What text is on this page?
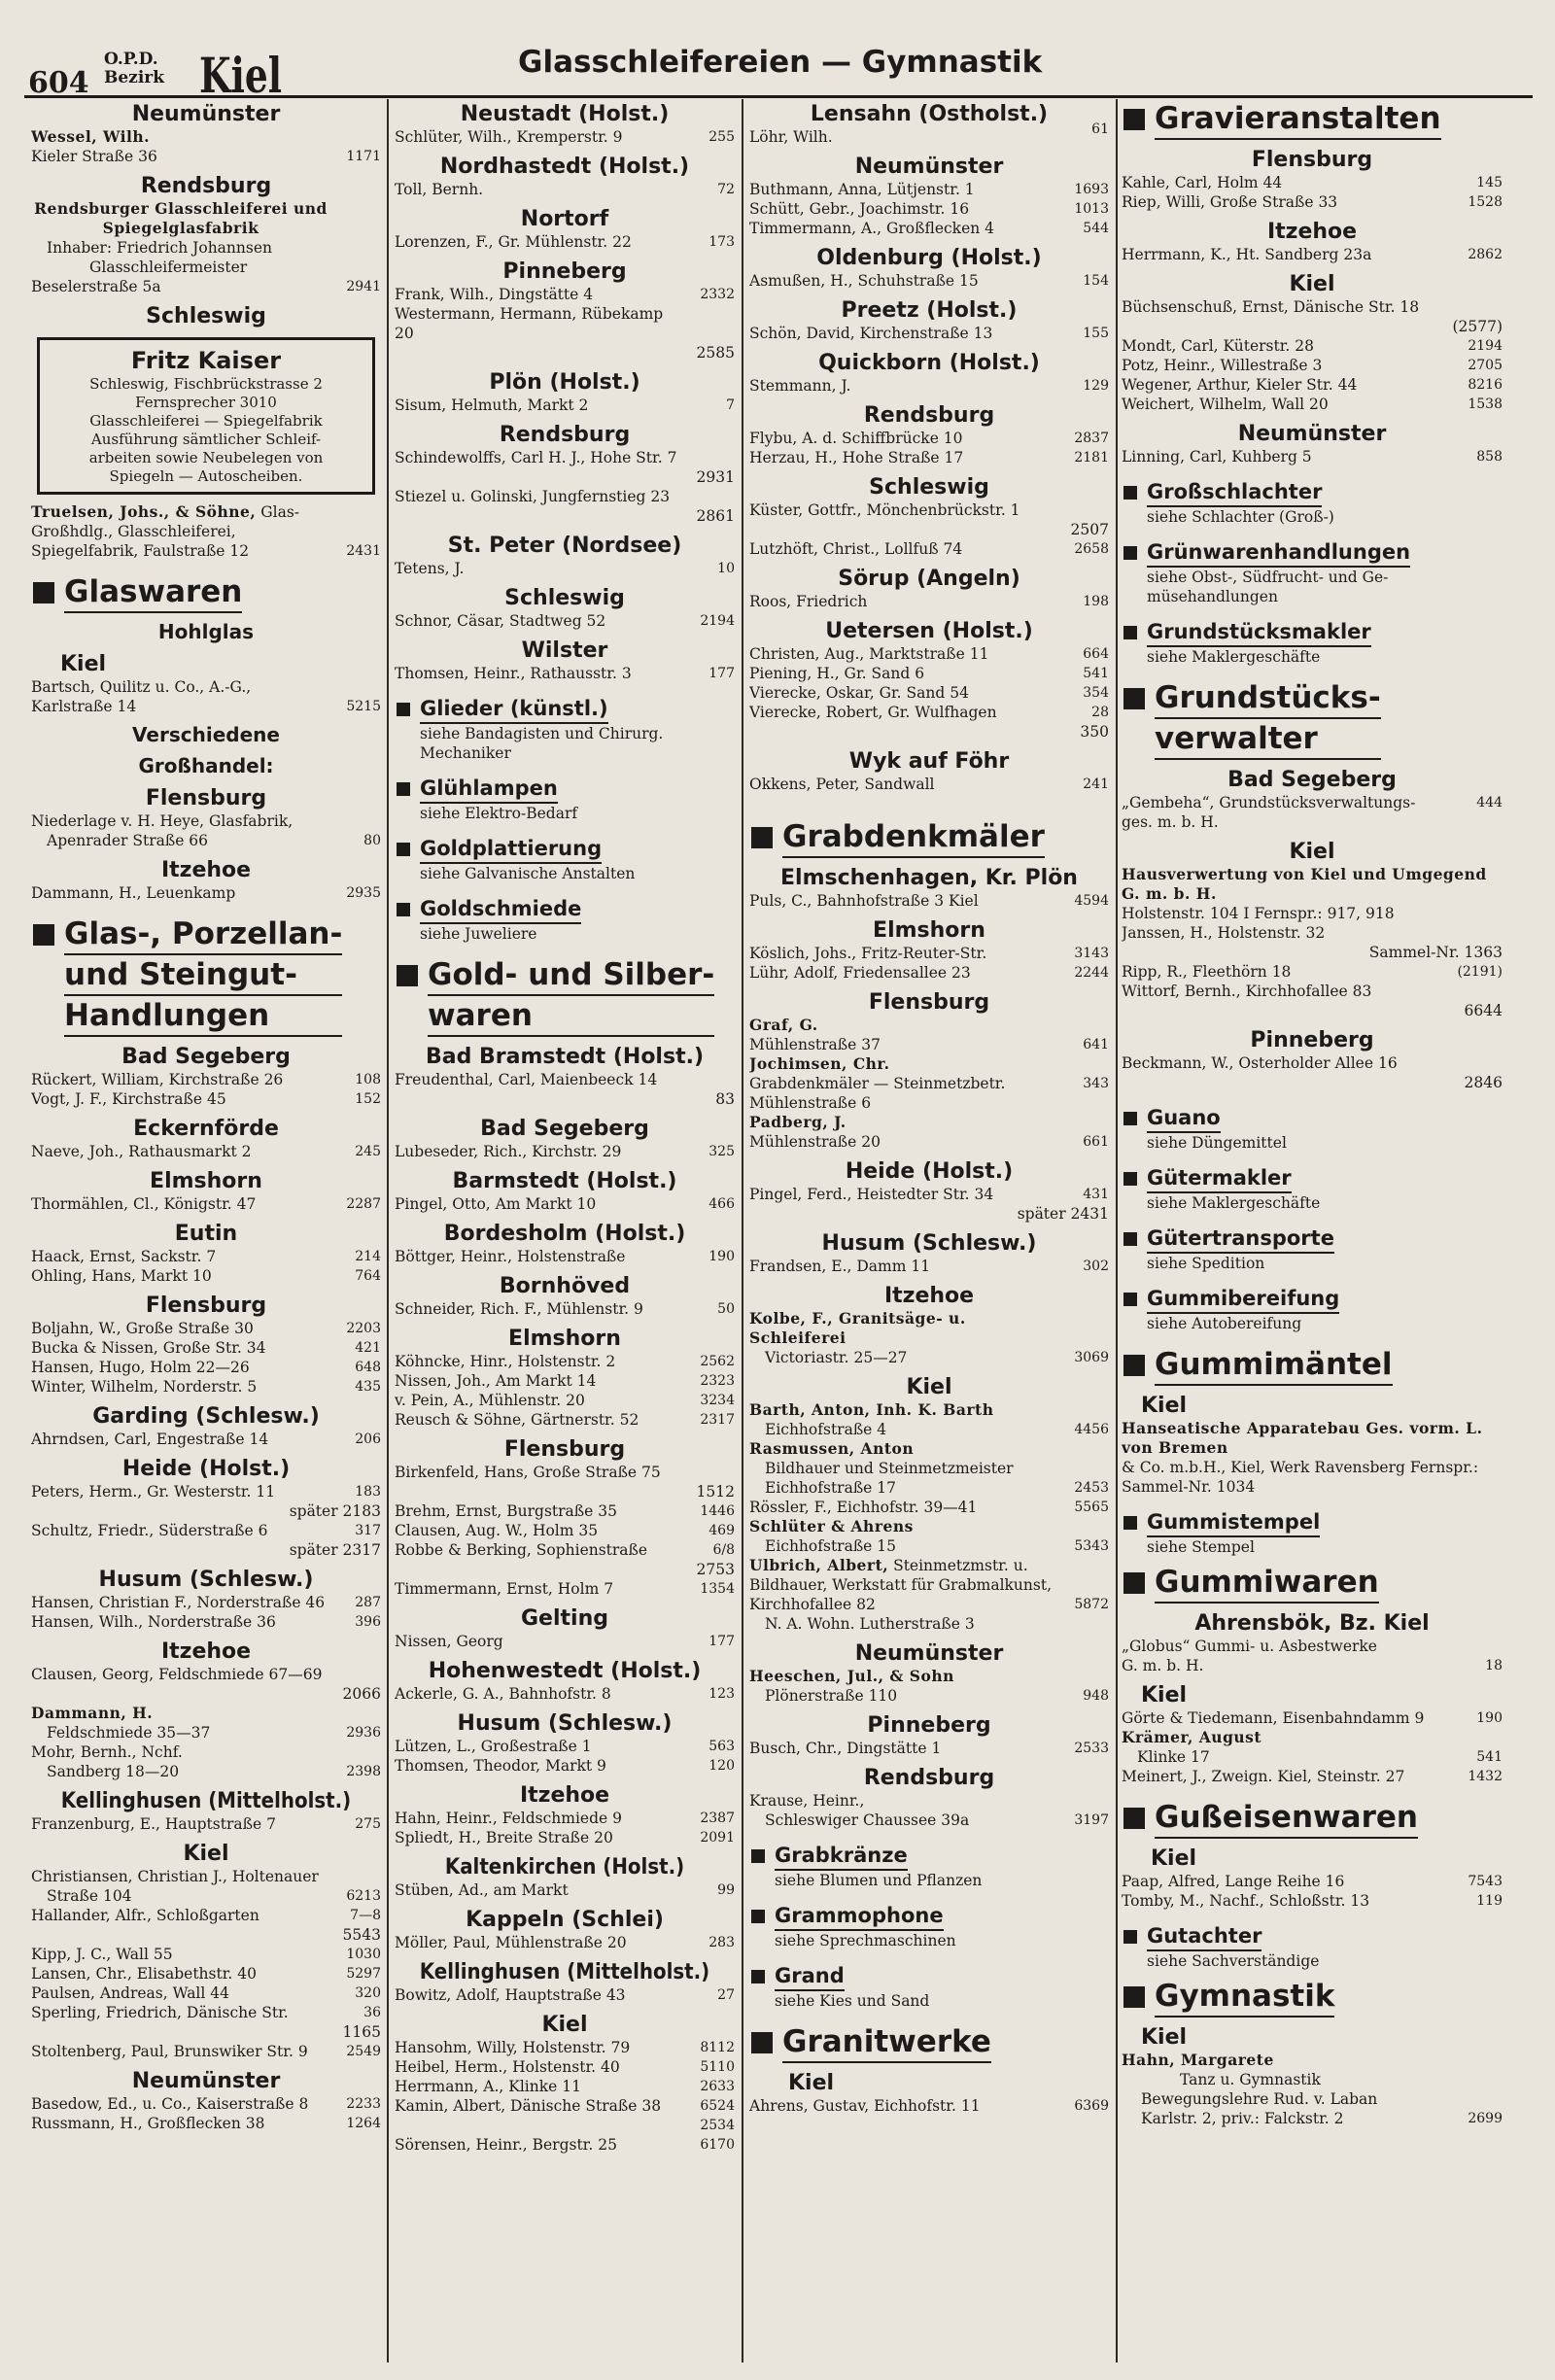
604
O.P.D.
Bezirk Kiel	Glasschleifereien — Gymnastik
Neumünster
Wessel, Wilh.
Kieler Straße 36	1171
Rendsburg
Rendsburger Glasschleiferei und Spiegelglasfabrik
Inhaber: Friedrich Johannsen
Glasschleifermeister
Beselerstraße 5a	2941
Schleswig
Fritz Kaiser
Schleswig, Fischbrückstrasse 2
Fernsprecher 3010
Glasschleiferei — Spiegelfabrik
Ausführung sämtlicher Schleif-
arbeiten sowie Neubelegen von
Spiegeln — Autoscheiben.
Truelsen, Johs., & Söhne, Glas-Großhdlg., Glasschleiferei, Spiegelfabrik, Faulstraße 12	2431
Glaswaren
Hohlglas
Kiel
Bartsch, Quilitz u. Co., A.-G., Karlstraße 14	5215
Verschiedene
Großhandel:
Flensburg
Niederlage v. H. Heye, Glasfabrik,
Apenrader Straße 66	80
Itzehoe
Dammann, H., Leuenkamp	2935
Glas-, Porzellan-
und Steingut-
Handlungen
Bad Segeberg
Rückert, William, Kirchstraße 26	108
Vogt, J. F., Kirchstraße 45	152
Eckernförde
Naeve, Joh., Rathausmarkt 2	245
Elmshorn
Thormählen, Cl., Königstr. 47	2287
Eutin
Haack, Ernst, Sackstr. 7	214
Ohling, Hans, Markt 10	764
Flensburg
Boljahn, W., Große Straße 30	2203
Bucka & Nissen, Große Str. 34	421
Hansen, Hugo, Holm 22—26	648
Winter, Wilhelm, Norderstr. 5	435
Garding (Schlesw.)
Ahrndsen, Carl, Engestraße 14	206
Heide (Holst.)
Peters, Herm., Gr. Westerstr. 11	183
später 2183
Schultz, Friedr., Süderstraße 6	317
später 2317
Husum (Schlesw.)
Hansen, Christian F., Norderstraße 46 287
Hansen, Wilh., Norderstraße 36	396
Itzehoe
Clausen, Georg, Feldschmiede 67—69
2066
Dammann, H.
Feldschmiede 35—37	2936
Mohr, Bernh., Nchf.
Sandberg 18—20	2398
Kellinghusen (Mittelholst.)
Franzenburg, E., Hauptstraße 7	275
Kiel
Christiansen, Christian J., Holtenauer
Straße 104	6213
Hallander, Alfr., Schloßgarten	7—8
5543
Kipp, J. C., Wall 55	1030
Lansen, Chr., Elisabethstr. 40	5297
Paulsen, Andreas, Wall 44	320
Sperling, Friedrich, Dänische Str.	36
1165
Stoltenberg, Paul, Brunswiker Str. 9	2549
Neumünster
Basedow, Ed., u. Co., Kaiserstraße 8	2233
Russmann, H., Großflecken 38	1264
Neustadt (Holst.)
Schlüter, Wilh., Kremperstr. 9	255
Nordhastedt (Holst.)
Toll, Bernh.	72
Nortorf
Lorenzen, F., Gr. Mühlenstr. 22	173
Pinneberg
Frank, Wilh., Dingstätte 4	2332
Westermann, Hermann, Rübekamp 20
2585
Plön (Holst.)
Sisum, Helmuth, Markt 2	7
Rendsburg
Schindewolffs, Carl H. J., Hohe Str. 7
2931
Stiezel u. Golinski, Jungfernstieg 23
2861
St. Peter (Nordsee)
Tetens, J.	10
Schleswig
Schnor, Cäsar, Stadtweg 52	2194
Wilster
Thomsen, Heinr., Rathausstr. 3	177
Glieder (künstl.)
siehe Bandagisten und Chirurg.
Mechaniker
Glühlampen
siehe Elektro-Bedarf
Goldplattierung
siehe Galvanische Anstalten
Goldschmiede
siehe Juweliere
Gold- und Silber-
waren
Bad Bramstedt (Holst.)
Freudenthal, Carl, Maienbeeck 14
83
Bad Segeberg
Lubeseder, Rich., Kirchstr. 29	325
Barmstedt (Holst.)
Pingel, Otto, Am Markt 10	466
Bordesholm (Holst.)
Böttger, Heinr., Holstenstraße	190
Bornhöved
Schneider, Rich. F., Mühlenstr. 9	50
Elmshorn
Köhncke, Hinr., Holstenstr. 2	2562
Nissen, Joh., Am Markt 14	2323
v. Pein, A., Mühlenstr. 20	3234
Reusch & Söhne, Gärtnerstr. 52	2317
Flensburg
Birkenfeld, Hans, Große Straße 75
1512
Brehm, Ernst, Burgstraße 35	1446
Clausen, Aug. W., Holm 35	469
Robbe & Berking, Sophienstraße	6/8
2753
Timmermann, Ernst, Holm 7	1354
Gelting
Nissen, Georg	177
Hohenwestedt (Holst.)
Ackerle, G. A., Bahnhofstr. 8	123
Husum (Schlesw.)
Lützen, L., Großestraße 1	563
Thomsen, Theodor, Markt 9	120
Itzehoe
Hahn, Heinr., Feldschmiede 9	2387
Spliedt, H., Breite Straße 20	2091
Kaltenkirchen (Holst.)
Stüben, Ad., am Markt	99
Kappeln (Schlei)
Möller, Paul, Mühlenstraße 20	283
Kellinghusen (Mittelholst.)
Bowitz, Adolf, Hauptstraße 43	27
Kiel
Hansohm, Willy, Holstenstr. 79	8112
Heibel, Herm., Holstenstr. 40	5110
Herrmann, A., Klinke 11	2633
Kamin, Albert, Dänische Straße 38	6524

2534
Sörensen, Heinr., Bergstr. 25	6170
Lensahn (Ostholst.)
Löhr, Wilh.	61
Neumünster
Buthmann, Anna, Lütjenstr. 1	1693
Schütt, Gebr., Joachimstr. 16	1013
Timmermann, A., Großflecken 4	544
Oldenburg (Holst.)
Asmußen, H., Schuhstraße 15	154
Preetz (Holst.)
Schön, David, Kirchenstraße 13	155
Quickborn (Holst.)
Stemmann, J.	129
Rendsburg
Flybu, A. d. Schiffbrücke 10	2837
Herzau, H., Hohe Straße 17	2181
Schleswig
Küster, Gottfr., Mönchenbrückstr. 1
2507
Lutzhöft, Christ., Lollfuß 74	2658
Sörup (Angeln)
Roos, Friedrich	198
Uetersen (Holst.)
Christen, Aug., Marktstraße 11	664
Piening, H., Gr. Sand 6	541
Vierecke, Oskar, Gr. Sand 54	354
Vierecke, Robert, Gr. Wulfhagen	28
350
Wyk auf Föhr
Okkens, Peter, Sandwall	241
Grabdenkmäler
Elmschenhagen, Kr. Plön
Puls, C., Bahnhofstraße 3 Kiel	4594
Elmshorn
Köslich, Johs., Fritz-Reuter-Str.	3143
Lühr, Adolf, Friedensallee 23	2244
Flensburg
Graf, G.
Mühlenstraße 37	641
Jochimsen, Chr.
Grabdenkmäler — Steinmetzbetr.
Mühlenstraße 6
343
Padberg, J.
Mühlenstraße 20	661
Heide (Holst.)
Pingel, Ferd., Heistedter Str. 34	431
später 2431
Husum (Schlesw.)
Frandsen, E., Damm 11	302
Itzehoe
Kolbe, F., Granitsäge- u. Schleiferei
Victoriastr. 25—27	3069
Kiel
Barth, Anton, Inh. K. Barth
Eichhofstraße 4	4456
Rasmussen, Anton
Bildhauer und Steinmetzmeister
Eichhofstraße 17	2453
Rössler, F., Eichhofstr. 39—41	5565
Schlüter & Ahrens
Eichhofstraße 15	5343
Ulbrich, Albert, Steinmetzmstr. u. Bildhauer, Werkstatt für Grabmalkunst, Kirchhofallee 82
N. A. Wohn. Lutherstraße 3
5872
Neumünster
Heeschen, Jul., & Sohn
Plönerstraße 110	948
Pinneberg
Busch, Chr., Dingstätte 1	2533
Rendsburg
Krause, Heinr.,
Schleswiger Chaussee 39a	3197
Grabkränze
siehe Blumen und Pflanzen
Grammophone
siehe Sprechmaschinen
Grand
siehe Kies und Sand
Granitwerke
Kiel
Ahrens, Gustav, Eichhofstr. 11	6369
Gravieranstalten
Flensburg
Kahle, Carl, Holm 44	145
Riep, Willi, Große Straße 33	1528
Itzehoe
Herrmann, K., Ht. Sandberg 23a	2862
Kiel
Büchsenschuß, Ernst, Dänische Str. 18
(2577)
Mondt, Carl, Küterstr. 28	2194
Potz, Heinr., Willestraße 3	2705
Wegener, Arthur, Kieler Str. 44	8216
Weichert, Wilhelm, Wall 20	1538
Neumünster
Linning, Carl, Kuhberg 5	858
Großschlachter
siehe Schlachter (Groß-)
Grünwarenhandlungen
siehe Obst-, Südfrucht- und Ge-
müsehandlungen
Grundstücksmakler
siehe Maklergeschäfte
Grundstücks-
verwalter
Bad Segeberg
„Gembeha“, Grundstücksverwaltungs-
ges. m. b. H.
444
Kiel
Hausverwertung von Kiel und Umgegend G. m. b. H.
Holstenstr. 104 I Fernspr.: 917, 918
Janssen, H., Holstenstr. 32
Sammel-Nr. 1363
Ripp, R., Fleethörn 18	(2191)
Wittorf, Bernh., Kirchhofallee 83
6644
Pinneberg
Beckmann, W., Osterholder Allee 16
2846
Guano
siehe Düngemittel
Gütermakler
siehe Maklergeschäfte
Gütertransporte
siehe Spedition
Gummibereifung
siehe Autobereifung
Gummimäntel
Kiel
Hanseatische Apparatebau Ges. vorm. L. von Bremen
& Co. m.b.H., Kiel, Werk Ravensberg Fernspr.: Sammel-Nr. 1034
Gummistempel
siehe Stempel
Gummiwaren
Ahrensbök, Bz. Kiel
„Globus“ Gummi- u. Asbestwerke
G. m. b. H.	18
Kiel
Görte & Tiedemann, Eisenbahndamm 9	190
Krämer, August
Klinke 17	541
Meinert, J., Zweign. Kiel, Steinstr. 27	1432
Gußeisenwaren
Kiel
Paap, Alfred, Lange Reihe 16	7543
Tomby, M., Nachf., Schloßstr. 13	119
Gutachter
siehe Sachverständige
Gymnastik
Kiel
Hahn, Margarete
Tanz u. Gymnastik
Bewegungslehre Rud. v. Laban
Karlstr. 2, priv.: Falckstr. 2	2699
